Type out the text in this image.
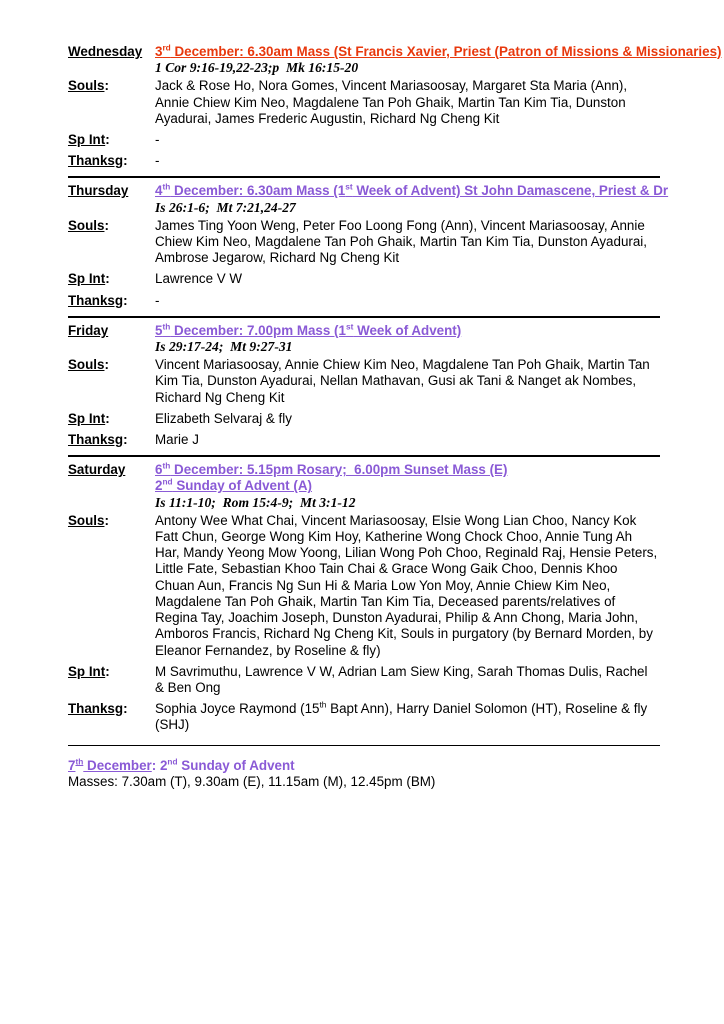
Wednesday 3rd December: 6.30am Mass (St Francis Xavier, Priest (Patron of Missions & Missionaries)
1 Cor 9:16-19,22-23;p  Mk 16:15-20
Souls:	Jack & Rose Ho, Nora Gomes, Vincent Mariasoosay, Margaret Sta Maria (Ann), Annie Chiew Kim Neo, Magdalene Tan Poh Ghaik, Martin Tan Kim Tia, Dunston Ayadurai, James Frederic Augustin, Richard Ng Cheng Kit
Sp Int:	-
Thanksg:	-
Thursday	4th December: 6.30am Mass (1st Week of Advent) St John Damascene, Priest & Dr
Is 26:1-6;  Mt 7:21,24-27
Souls:	James Ting Yoon Weng, Peter Foo Loong Fong (Ann), Vincent Mariasoosay, Annie Chiew Kim Neo, Magdalene Tan Poh Ghaik, Martin Tan Kim Tia, Dunston Ayadurai, Ambrose Jegarow, Richard Ng Cheng Kit
Sp Int:	Lawrence V W
Thanksg:	-
Friday	5th December: 7.00pm Mass (1st Week of Advent)
Is 29:17-24;  Mt 9:27-31
Souls:	Vincent Mariasoosay, Annie Chiew Kim Neo, Magdalene Tan Poh Ghaik, Martin Tan Kim Tia, Dunston Ayadurai, Nellan Mathavan, Gusi ak Tani & Nanget ak Nombes, Richard Ng Cheng Kit
Sp Int:	Elizabeth Selvaraj & fly
Thanksg:	Marie J
Saturday	6th December: 5.15pm Rosary;  6.00pm Sunset Mass (E)
2nd Sunday of Advent (A)
Is 11:1-10;  Rom 15:4-9;  Mt 3:1-12
Souls:	Antony Wee What Chai, Vincent Mariasoosay, Elsie Wong Lian Choo, Nancy Kok Fatt Chun, George Wong Kim Hoy, Katherine Wong Chock Choo, Annie Tung Ah Har, Mandy Yeong Mow Yoong, Lilian Wong Poh Choo, Reginald Raj, Hensie Peters, Little Fate, Sebastian Khoo Tain Chai & Grace Wong Gaik Choo, Dennis Khoo Chuan Aun, Francis Ng Sun Hi & Maria Low Yon Moy, Annie Chiew Kim Neo, Magdalene Tan Poh Ghaik, Martin Tan Kim Tia, Deceased parents/relatives of Regina Tay, Joachim Joseph, Dunston Ayadurai, Philip & Ann Chong, Maria John, Amboros Francis, Richard Ng Cheng Kit, Souls in purgatory (by Bernard Morden, by Eleanor Fernandez, by Roseline & fly)
Sp Int:	M Savrimuthu, Lawrence V W, Adrian Lam Siew King, Sarah Thomas Dulis, Rachel & Ben Ong
Thanksg:	Sophia Joyce Raymond (15th Bapt Ann), Harry Daniel Solomon (HT), Roseline & fly (SHJ)
7th December: 2nd Sunday of Advent
Masses: 7.30am (T), 9.30am (E), 11.15am (M), 12.45pm (BM)
